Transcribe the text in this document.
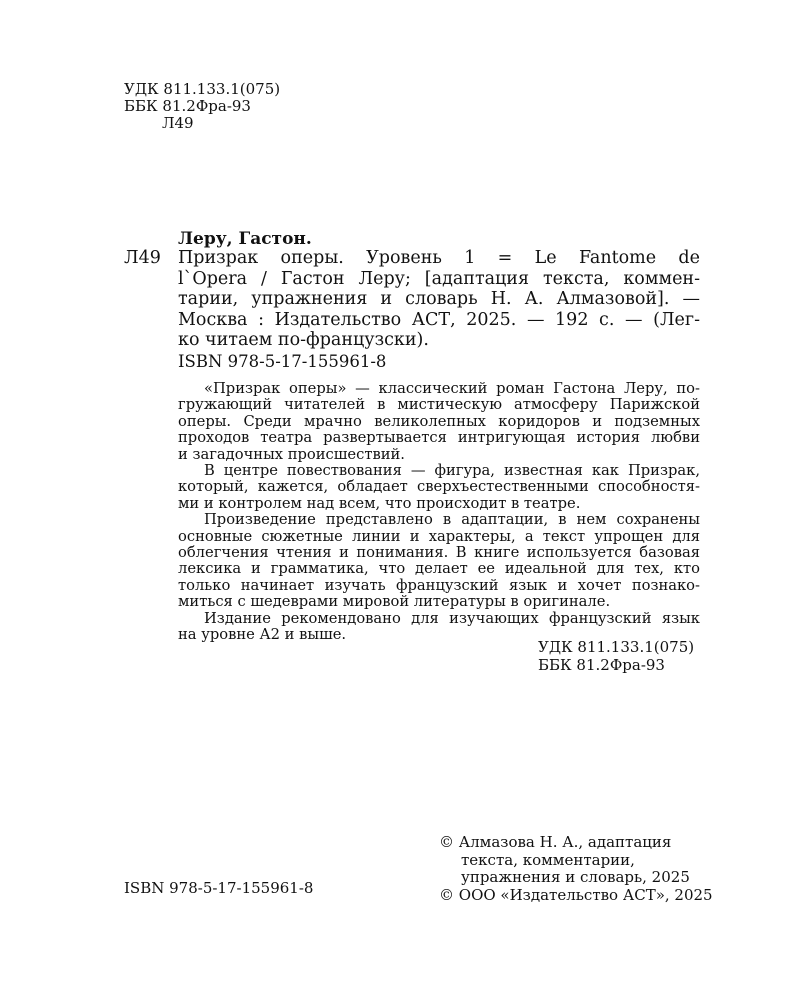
УДК 811.133.1(075)
ББК 81.2Фра-93
Л49
Леру, Гастон.
Л49 Призрак оперы. Уровень 1 = Le Fantome de
l`Opera / Гастон Леру; [адаптация текста, коммен-
тарии, упражнения и словарь Н. А. Алмазовой]. —
Москва : Издательство АСТ, 2025. — 192 с. — (Лег-
ко читаем по-французски).
ISBN 978-5-17-155961-8
«Призрак оперы» — классический роман Гастона Леру, по-
гружающий читателей в мистическую атмосферу Парижской
оперы. Среди мрачно великолепных коридоров и подземных
проходов театра развертывается интригующая история любви
и загадочных происшествий.
В центре повествования — фигура, известная как Призрак,
который, кажется, обладает сверхъестественными способностя-
ми и контролем над всем, что происходит в театре.
Произведение представлено в адаптации, в нем сохранены
основные сюжетные линии и характеры, а текст упрощен для
облегчения чтения и понимания. В книге используется базовая
лексика и грамматика, что делает ее идеальной для тех, кто
только начинает изучать французский язык и хочет познако-
миться с шедеврами мировой литературы в оригинале.
Издание рекомендовано для изучающих французский язык
на уровне А2 и выше.
УДК 811.133.1(075)
ББК 81.2Фра-93
© Алмазова Н. А., адаптация
текста, комментарии,
упражнения и словарь, 2025
© ООО «Издательство АСТ», 2025
ISBN 978-5-17-155961-8
